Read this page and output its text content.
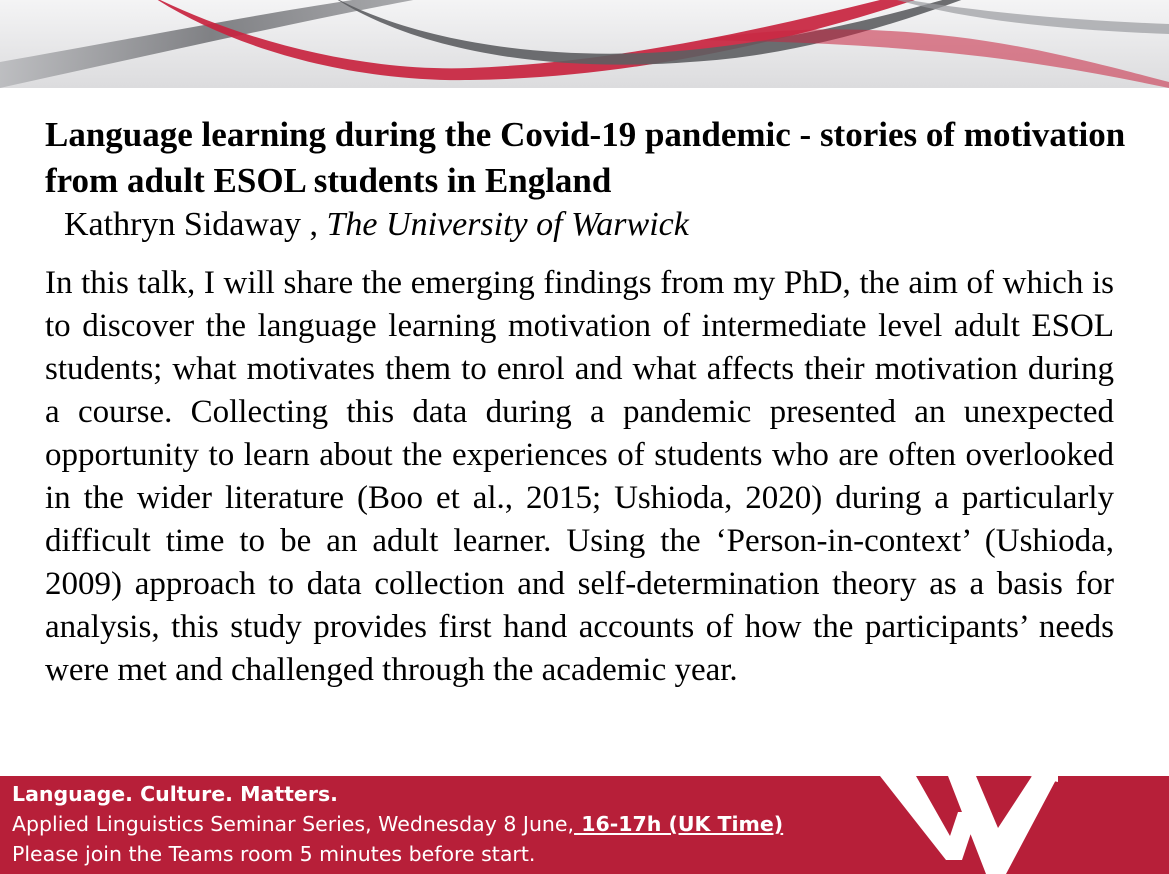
Language learning during the Covid-19 pandemic - stories of motivation from adult ESOL students in England
Kathryn Sidaway , The University of Warwick

In this talk, I will share the emerging findings from my PhD, the aim of which is to discover the language learning motivation of intermediate level adult ESOL students; what motivates them to enrol and what affects their motivation during a course. Collecting this data during a pandemic presented an unexpected opportunity to learn about the experiences of students who are often overlooked in the wider literature (Boo et al., 2015; Ushioda, 2020) during a particularly difficult time to be an adult learner. Using the ‘Person-in-context’ (Ushioda, 2009) approach to data collection and self-determination theory as a basis for analysis, this study provides first hand accounts of how the participants’ needs were met and challenged through the academic year.

Language. Culture. Matters.
Applied Linguistics Seminar Series, Wednesday 8 June, 16-17h (UK Time)
Please join the Teams room 5 minutes before start.
